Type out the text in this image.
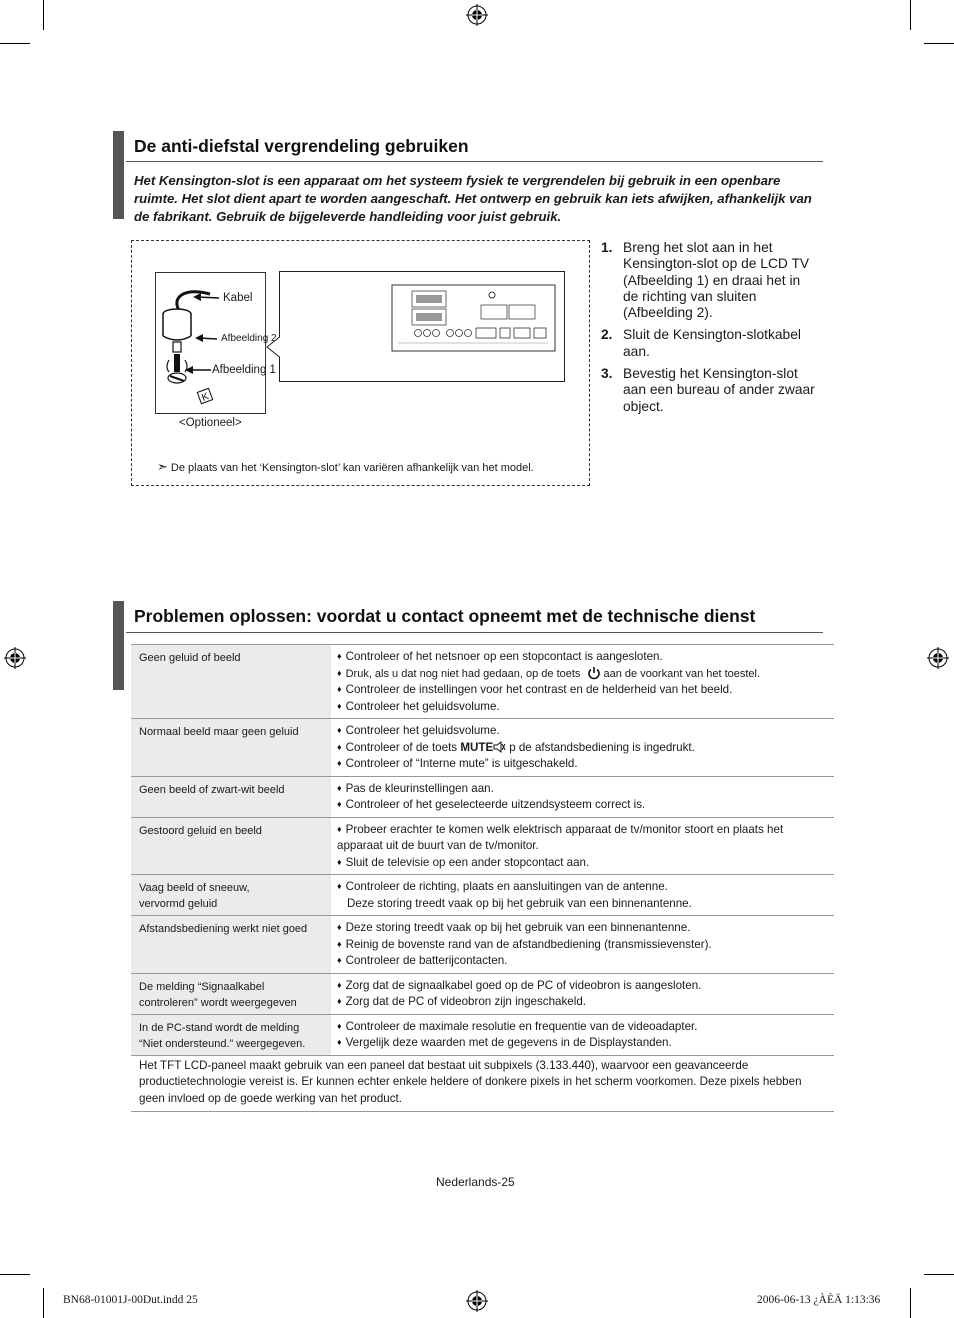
De anti-diefstal vergrendeling gebruiken
Het Kensington-slot is een apparaat om het systeem fysiek te vergrendelen bij gebruik in een openbare ruimte. Het slot dient apart te worden aangeschaft. Het ontwerp en gebruik kan iets afwijken, afhankelijk van de fabrikant. Gebruik de bijgeleverde handleiding voor juist gebruik.
K
Kabel
Afbeelding 2
Afbeelding 1
<Optioneel>
➣ De plaats van het ‘Kensington-slot’ kan variëren afhankelijk van het model.
1. Breng het slot aan in het Kensington-slot op de LCD TV (Afbeelding 1) en draai het in de richting van sluiten (Afbeelding 2).
2. Sluit de Kensington-slotkabel aan.
3. Bevestig het Kensington-slot aan een bureau of ander zwaar object.
Problemen oplossen: voordat u contact opneemt met de technische dienst
Geen geluid of beeld	♦ Controleer of het netsnoer op een stopcontact is aangesloten.
♦ Druk, als u dat nog niet had gedaan, op de toets aan de voorkant van het toestel.
♦ Controleer de instellingen voor het contrast en de helderheid van het beeld.
♦ Controleer het geluidsvolume.

Normaal beeld maar geen geluid	♦ Controleer het geluidsvolume.
♦ Controleer of de toets MUTE p de afstandsbediening is ingedrukt.
♦ Controleer of “Interne mute” is uitgeschakeld.

Geen beeld of zwart-wit beeld	♦ Pas de kleurinstellingen aan.
♦ Controleer of het geselecteerde uitzendsysteem correct is.

Gestoord geluid en beeld	♦ Probeer erachter te komen welk elektrisch apparaat de tv/monitor stoort en plaats het apparaat uit de buurt van de tv/monitor.
♦ Sluit de televisie op een ander stopcontact aan.

Vaag beeld of sneeuw,
vervormd geluid	♦ Controleer de richting, plaats en aansluitingen van de antenne.
Deze storing treedt vaak op bij het gebruik van een binnenantenne.

Afstandsbediening werkt niet goed	♦ Deze storing treedt vaak op bij het gebruik van een binnenantenne.
♦ Reinig de bovenste rand van de afstandbediening (transmissievenster).
♦ Controleer de batterijcontacten.

De melding “Signaalkabel
controleren” wordt weergegeven	♦ Zorg dat de signaalkabel goed op de PC of videobron is aangesloten.
♦ Zorg dat de PC of videobron zijn ingeschakeld.

In de PC-stand wordt de melding
“Niet ondersteund.” weergegeven.	♦ Controleer de maximale resolutie en frequentie van de videoadapter.
♦ Vergelijk deze waarden met de gegevens in de Displaystanden.

Het TFT LCD-paneel maakt gebruik van een paneel dat bestaat uit subpixels (3.133.440), waarvoor een geavanceerde productietechnologie vereist is. Er kunnen echter enkele heldere of donkere pixels in het scherm voorkomen. Deze pixels hebben geen invloed op de goede werking van het product.	
Nederlands-25
BN68-01001J-00Dut.indd 25	2006-06-13 ¿ÀÈÄ 1:13:36
